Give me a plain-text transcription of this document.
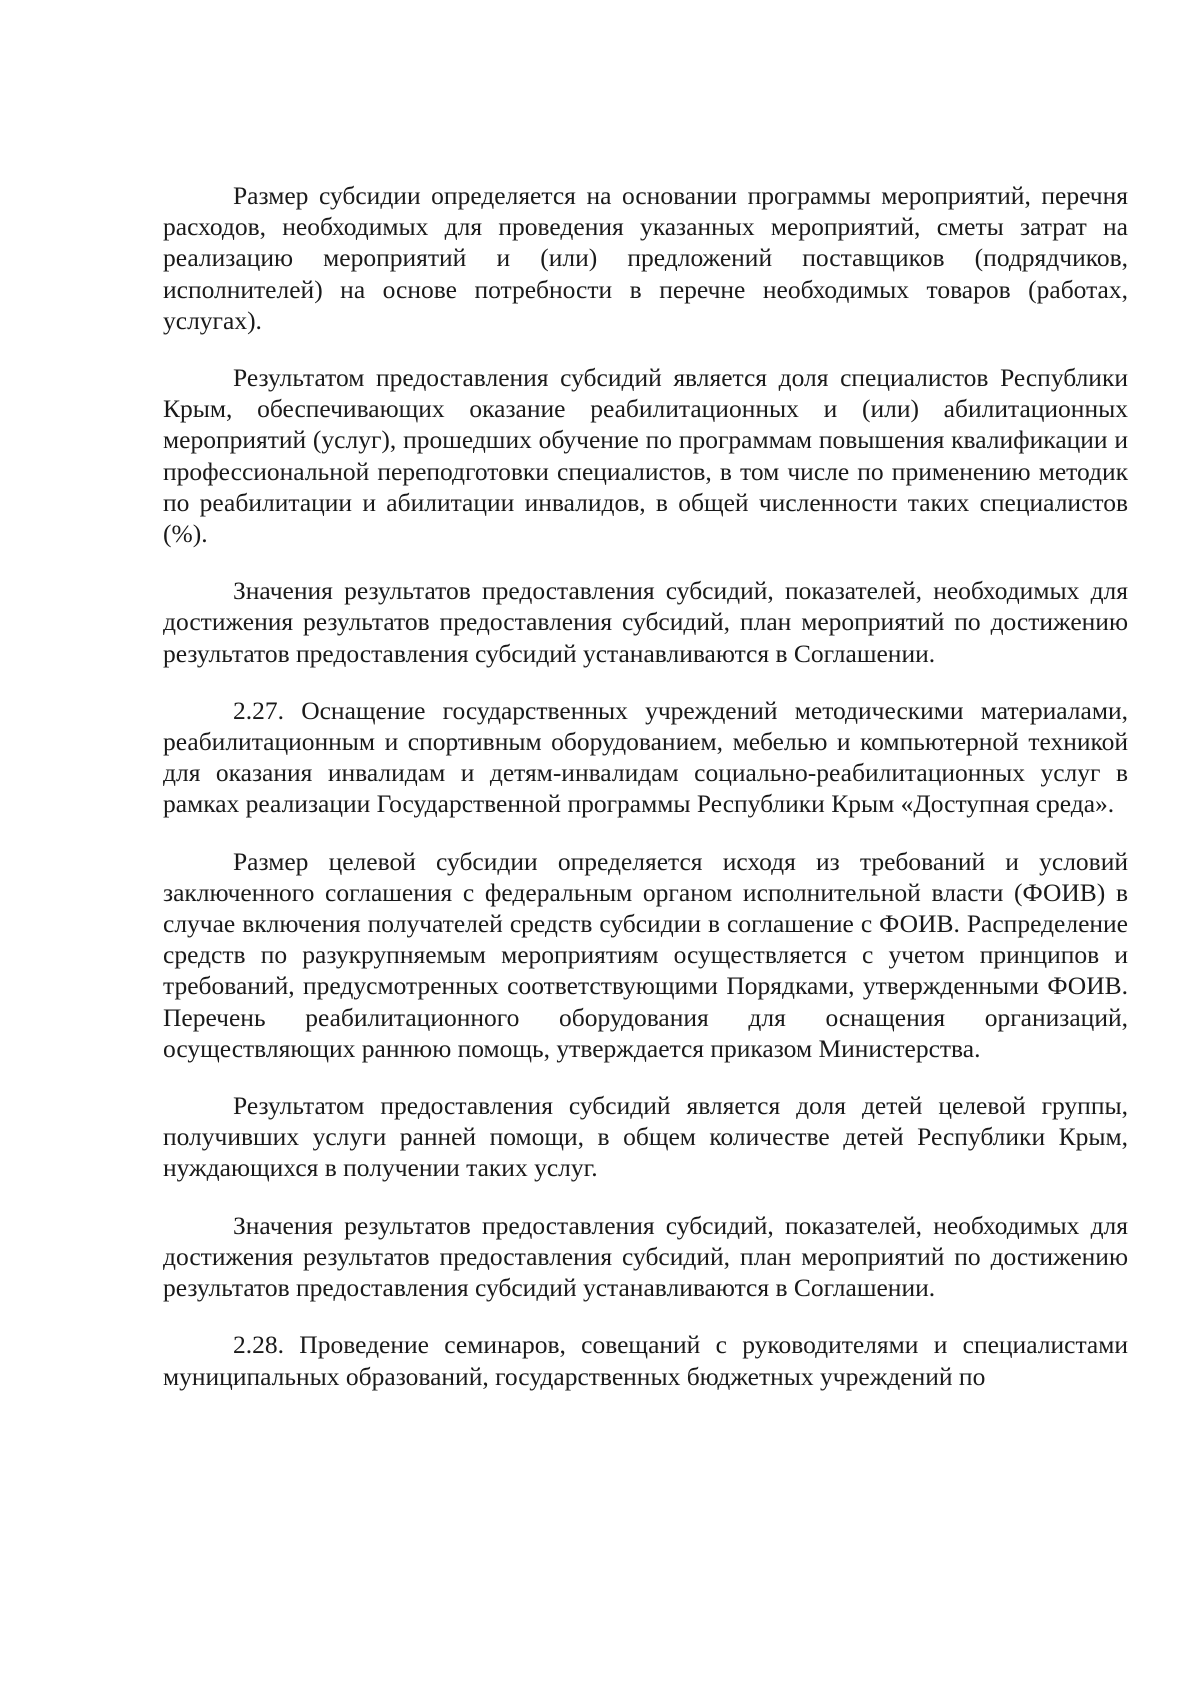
Размер субсидии определяется на основании программы мероприятий, перечня расходов, необходимых для проведения указанных мероприятий, сметы затрат на реализацию мероприятий и (или) предложений поставщиков (подрядчиков, исполнителей) на основе потребности в перечне необходимых товаров (работах, услугах).

Результатом предоставления субсидий является доля специалистов Республики Крым, обеспечивающих оказание реабилитационных и (или) абилитационных мероприятий (услуг), прошедших обучение по программам повышения квалификации и профессиональной переподготовки специалистов, в том числе по применению методик по реабилитации и абилитации инвалидов, в общей численности таких специалистов (%).

Значения результатов предоставления субсидий, показателей, необходимых для достижения результатов предоставления субсидий, план мероприятий по достижению результатов предоставления субсидий устанавливаются в Соглашении.

2.27. Оснащение государственных учреждений методическими материалами, реабилитационным и спортивным оборудованием, мебелью и компьютерной техникой для оказания инвалидам и детям-инвалидам социально-реабилитационных услуг в рамках реализации Государственной программы Республики Крым «Доступная среда».

Размер целевой субсидии определяется исходя из требований и условий заключенного соглашения с федеральным органом исполнительной власти (ФОИВ) в случае включения получателей средств субсидии в соглашение с ФОИВ. Распределение средств по разукрупняемым мероприятиям осуществляется с учетом принципов и требований, предусмотренных соответствующими Порядками, утвержденными ФОИВ. Перечень реабилитационного оборудования для оснащения организаций, осуществляющих раннюю помощь, утверждается приказом Министерства.

Результатом предоставления субсидий является доля детей целевой группы, получивших услуги ранней помощи, в общем количестве детей Республики Крым, нуждающихся в получении таких услуг.

Значения результатов предоставления субсидий, показателей, необходимых для достижения результатов предоставления субсидий, план мероприятий по достижению результатов предоставления субсидий устанавливаются в Соглашении.

2.28. Проведение семинаров, совещаний с руководителями и специалистами муниципальных образований, государственных бюджетных учреждений по
